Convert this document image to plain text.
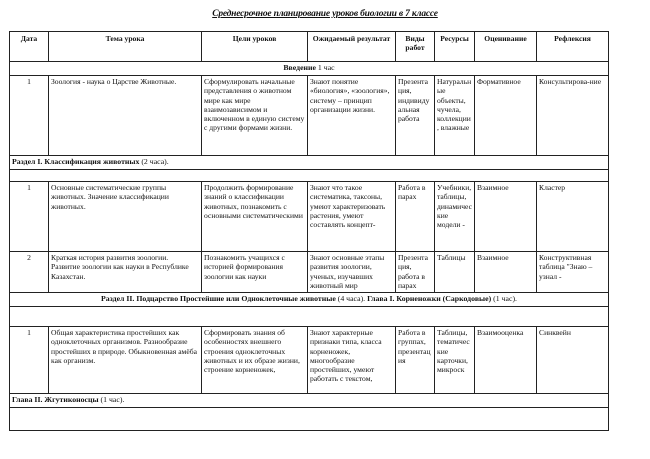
Среднесрочное планирование уроков биологии в 7 классе
Дата	Тема урока	Цели уроков	Ожидаемый результат	Виды работ	Ресурсы	Оценивание	Рефлексия
Введение 1 час							
1	Зоология - наука о Царстве Животные.	Сформулировать начальные представления о животном мире как мире взаимозависимом и включенном в единую систему с другими формами жизни.	Знают понятие «биология», «зоология», систему – принцип организации жизни.	Презентация, индивидуальная работа	Натуральные объекты, чучела, коллекции, влажные	Формативное	Консультирова-ние
Раздел I. Классификация животных (2 часа).							

1	Основные систематические группы животных. Значение классификации животных.	Продолжить формирование знаний о классификации животных, познакомить с основными систематическими	Знают что такое систематика, таксоны, умеют характеризовать растения, умеют составлять концепт-	Работа в парах	Учебники, таблицы, динамические модели -	Взаимное	Кластер
2	Краткая история развития зоологии. Развитие зоологии как науки в Республике Казахстан.	Познакомить учащихся с историей формирования зоологии как науки	Знают основные этапы развития зоологии, ученых, изучавших животный мир	Презентация, работа в парах	Таблицы	Взаимное	Конструктивная таблица "Знаю – узнал -
Раздел II. Подцарство Простейшие или Одноклеточные животные (4 часа). Глава I. Корненожки (Саркодовые) (1 час).							

1	Общая характеристика простейших как одноклеточных организмов. Разнообразие простейших в природе. Обыкновенная амёба как организм.	Сформировать знания об особенностях внешнего строения одноклеточных животных и их образе жизни, строение корненожек,	Знают характерные признаки типа, класса корненожек, многообразие простейших, умеют работать с текстом,	Работа в группах, презентация	Таблицы, тематические карточки, микроск	Взаимооценка	Синквейн
Глава II. Жгутиконосцы (1 час).							
